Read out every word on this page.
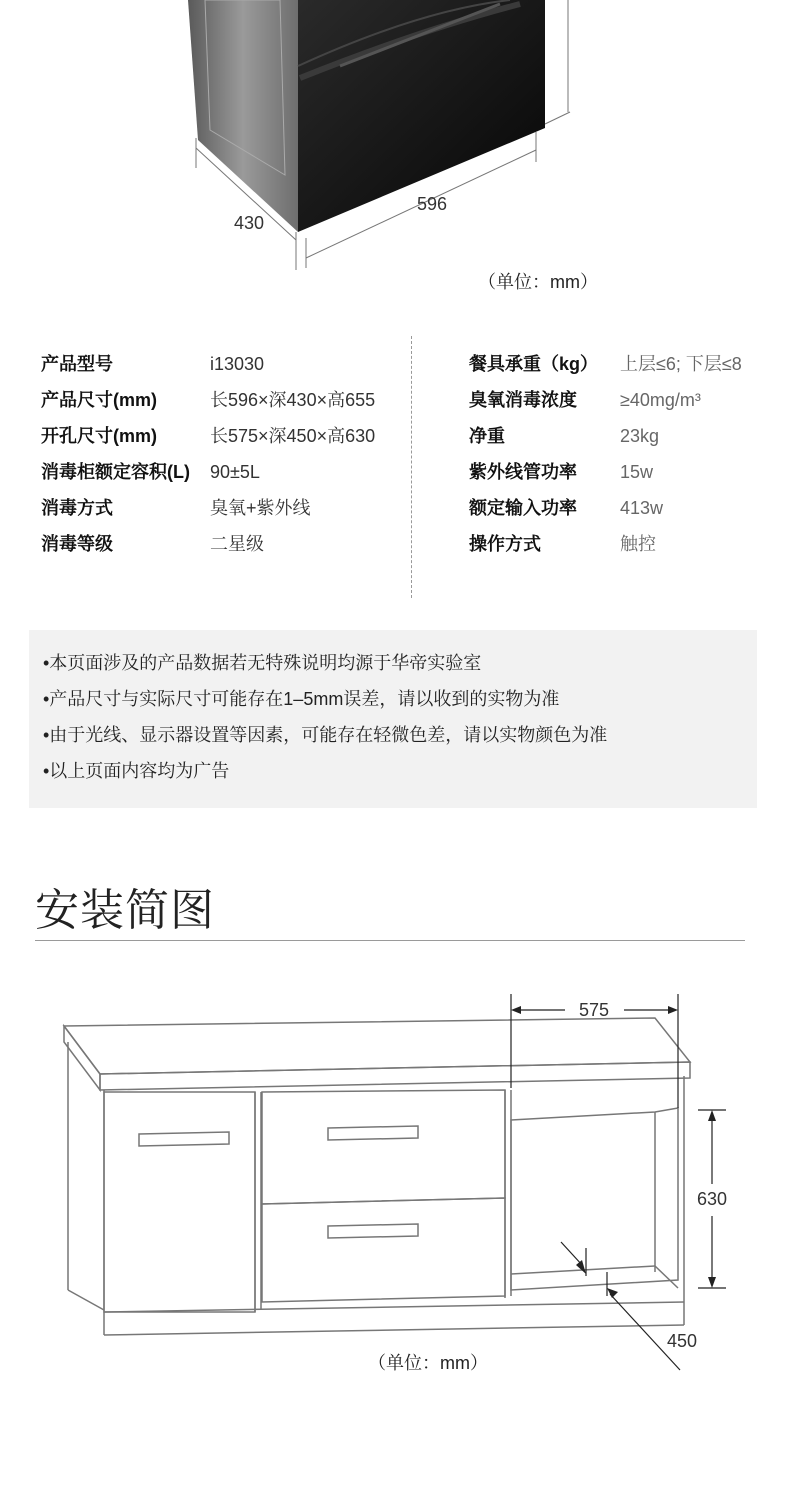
596
430
（单位：mm）
产品型号	i13030
产品尺寸(mm)	长596×深430×高655
开孔尺寸(mm)	长575×深450×高630
消毒柜额定容积(L) 90±5L
消毒方式	臭氧+紫外线
消毒等级	二星级
餐具承重（kg） 上层≤6; 下层≤8
臭氧消毒浓度 ≥40mg/m³
净重	23kg
紫外线管功率 15w
额定输入功率 413w
操作方式	触控
•本页面涉及的产品数据若无特殊说明均源于华帝实验室
•产品尺寸与实际尺寸可能存在1–5mm误差，请以收到的实物为准
•由于光线、显示器设置等因素，可能存在轻微色差，请以实物颜色为准
•以上页面内容均为广告
安装简图
575
630
450
（单位：mm）
